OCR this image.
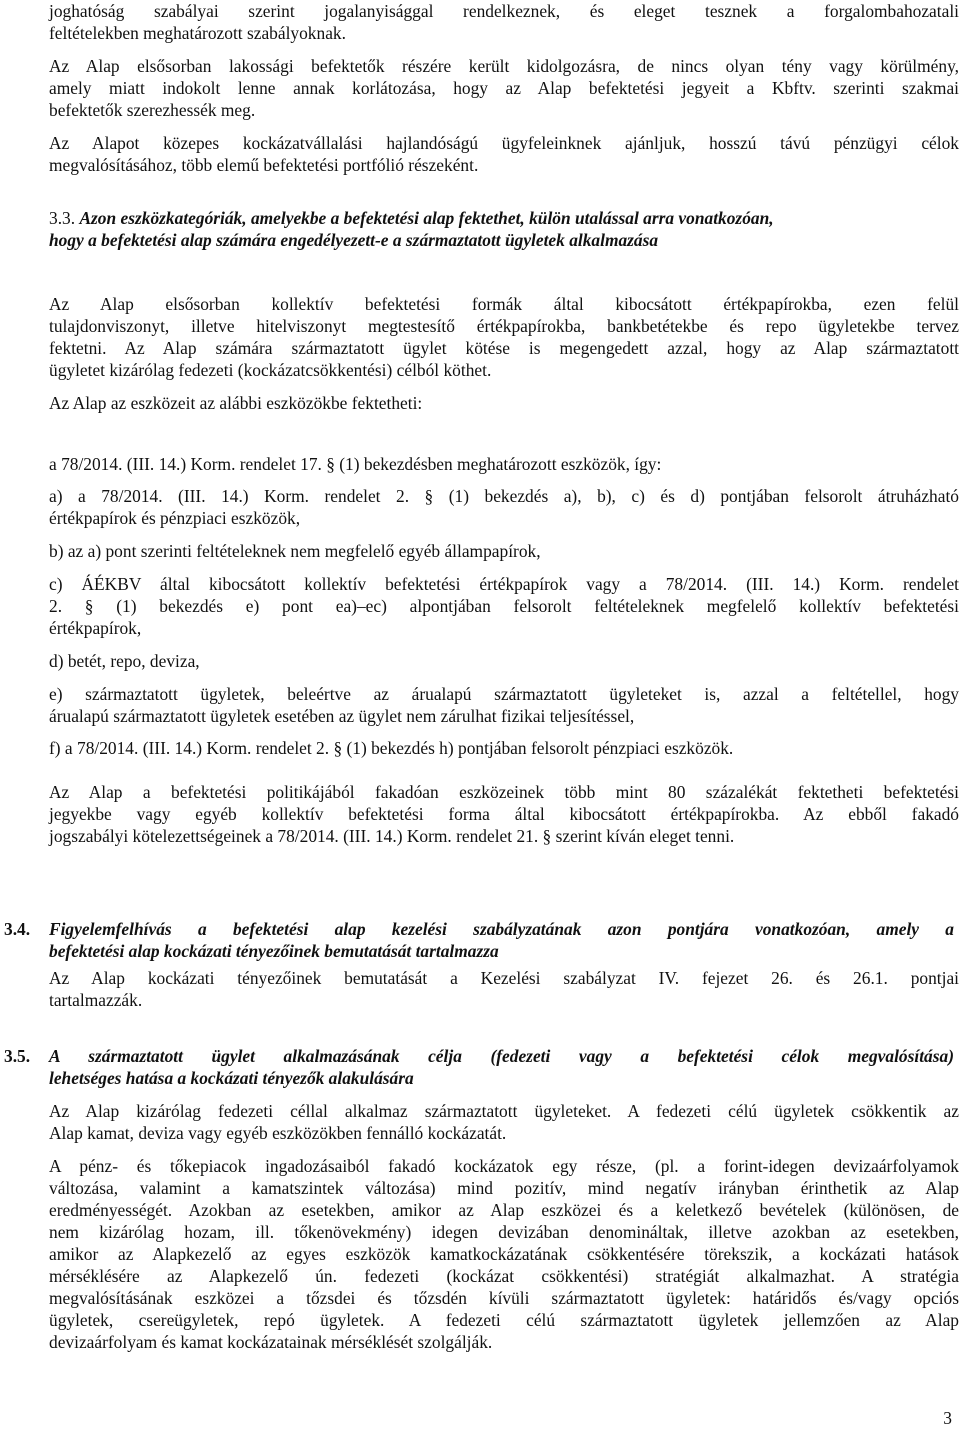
joghatóság szabályai szerint jogalanyisággal rendelkeznek, és eleget tesznek a forgalombahozatali
feltételekben meghatározott szabályoknak.
Az Alap elsősorban lakossági befektetők részére került kidolgozásra, de nincs olyan tény vagy körülmény,
amely miatt indokolt lenne annak korlátozása, hogy az Alap befektetési jegyeit a Kbftv. szerinti szakmai
befektetők szerezhessék meg.
Az Alapot közepes kockázatvállalási hajlandóságú ügyfeleinknek ajánljuk, hosszú távú pénzügyi célok
megvalósításához, több elemű befektetési portfólió részeként.
3.3. Azon eszközkategóriák, amelyekbe a befektetési alap fektethet, külön utalással arra vonatkozóan,
hogy a befektetési alap számára engedélyezett-e a származtatott ügyletek alkalmazása
Az Alap elsősorban kollektív befektetési formák által kibocsátott értékpapírokba, ezen felül
tulajdonviszonyt, illetve hitelviszonyt megtestesítő értékpapírokba, bankbetétekbe és repo ügyletekbe tervez
fektetni. Az Alap számára származtatott ügylet kötése is megengedett azzal, hogy az Alap származtatott
ügyletet kizárólag fedezeti (kockázatcsökkentési) célból köthet.
Az Alap az eszközeit az alábbi eszközökbe fektetheti:
a 78/2014. (III. 14.) Korm. rendelet 17. § (1) bekezdésben meghatározott eszközök, így:
a) a 78/2014. (III. 14.) Korm. rendelet 2. § (1) bekezdés a), b), c) és d) pontjában felsorolt átruházható
értékpapírok és pénzpiaci eszközök,
b) az a) pont szerinti feltételeknek nem megfelelő egyéb állampapírok,
c) ÁÉKBV által kibocsátott kollektív befektetési értékpapírok vagy a 78/2014. (III. 14.) Korm. rendelet
2. § (1) bekezdés e) pont ea)–ec) alpontjában felsorolt feltételeknek megfelelő kollektív befektetési
értékpapírok,
d) betét, repo, deviza,
e) származtatott ügyletek, beleértve az árualapú származtatott ügyleteket is, azzal a feltétellel, hogy
árualapú származtatott ügyletek esetében az ügylet nem zárulhat fizikai teljesítéssel,
f) a 78/2014. (III. 14.) Korm. rendelet 2. § (1) bekezdés h) pontjában felsorolt pénzpiaci eszközök.
Az Alap a befektetési politikájából fakadóan eszközeinek több mint 80 százalékát fektetheti befektetési
jegyekbe vagy egyéb kollektív befektetési forma által kibocsátott értékpapírokba. Az ebből fakadó
jogszabályi kötelezettségeinek a 78/2014. (III. 14.) Korm. rendelet 21. § szerint kíván eleget tenni.
3.4. Figyelemfelhívás a befektetési alap kezelési szabályzatának azon pontjára vonatkozóan, amely a
befektetési alap kockázati tényezőinek bemutatását tartalmazza
Az Alap kockázati tényezőinek bemutatását a Kezelési szabályzat IV. fejezet 26. és 26.1. pontjai
tartalmazzák.
3.5. A származtatott ügylet alkalmazásának célja (fedezeti vagy a befektetési célok megvalósítása)
lehetséges hatása a kockázati tényezők alakulására
Az Alap kizárólag fedezeti céllal alkalmaz származtatott ügyleteket. A fedezeti célú ügyletek csökkentik az
Alap kamat, deviza vagy egyéb eszközökben fennálló kockázatát.
A pénz- és tőkepiacok ingadozásaiból fakadó kockázatok egy része, (pl. a forint-idegen devizaárfolyamok
változása, valamint a kamatszintek változása) mind pozitív, mind negatív irányban érinthetik az Alap
eredményességét. Azokban az esetekben, amikor az Alap eszközei és a keletkező bevételek (különösen, de
nem kizárólag hozam, ill. tőkenövekmény) idegen devizában denomináltak, illetve azokban az esetekben,
amikor az Alapkezelő az egyes eszközök kamatkockázatának csökkentésére törekszik, a kockázati hatások
mérséklésére az Alapkezelő ún. fedezeti (kockázat csökkentési) stratégiát alkalmazhat. A stratégia
megvalósításának eszközei a tőzsdei és tőzsdén kívüli származtatott ügyletek: határidős és/vagy opciós
ügyletek, csereügyletek, repó ügyletek. A fedezeti célú származtatott ügyletek jellemzően az Alap
devizaárfolyam és kamat kockázatainak mérséklését szolgálják.
3
